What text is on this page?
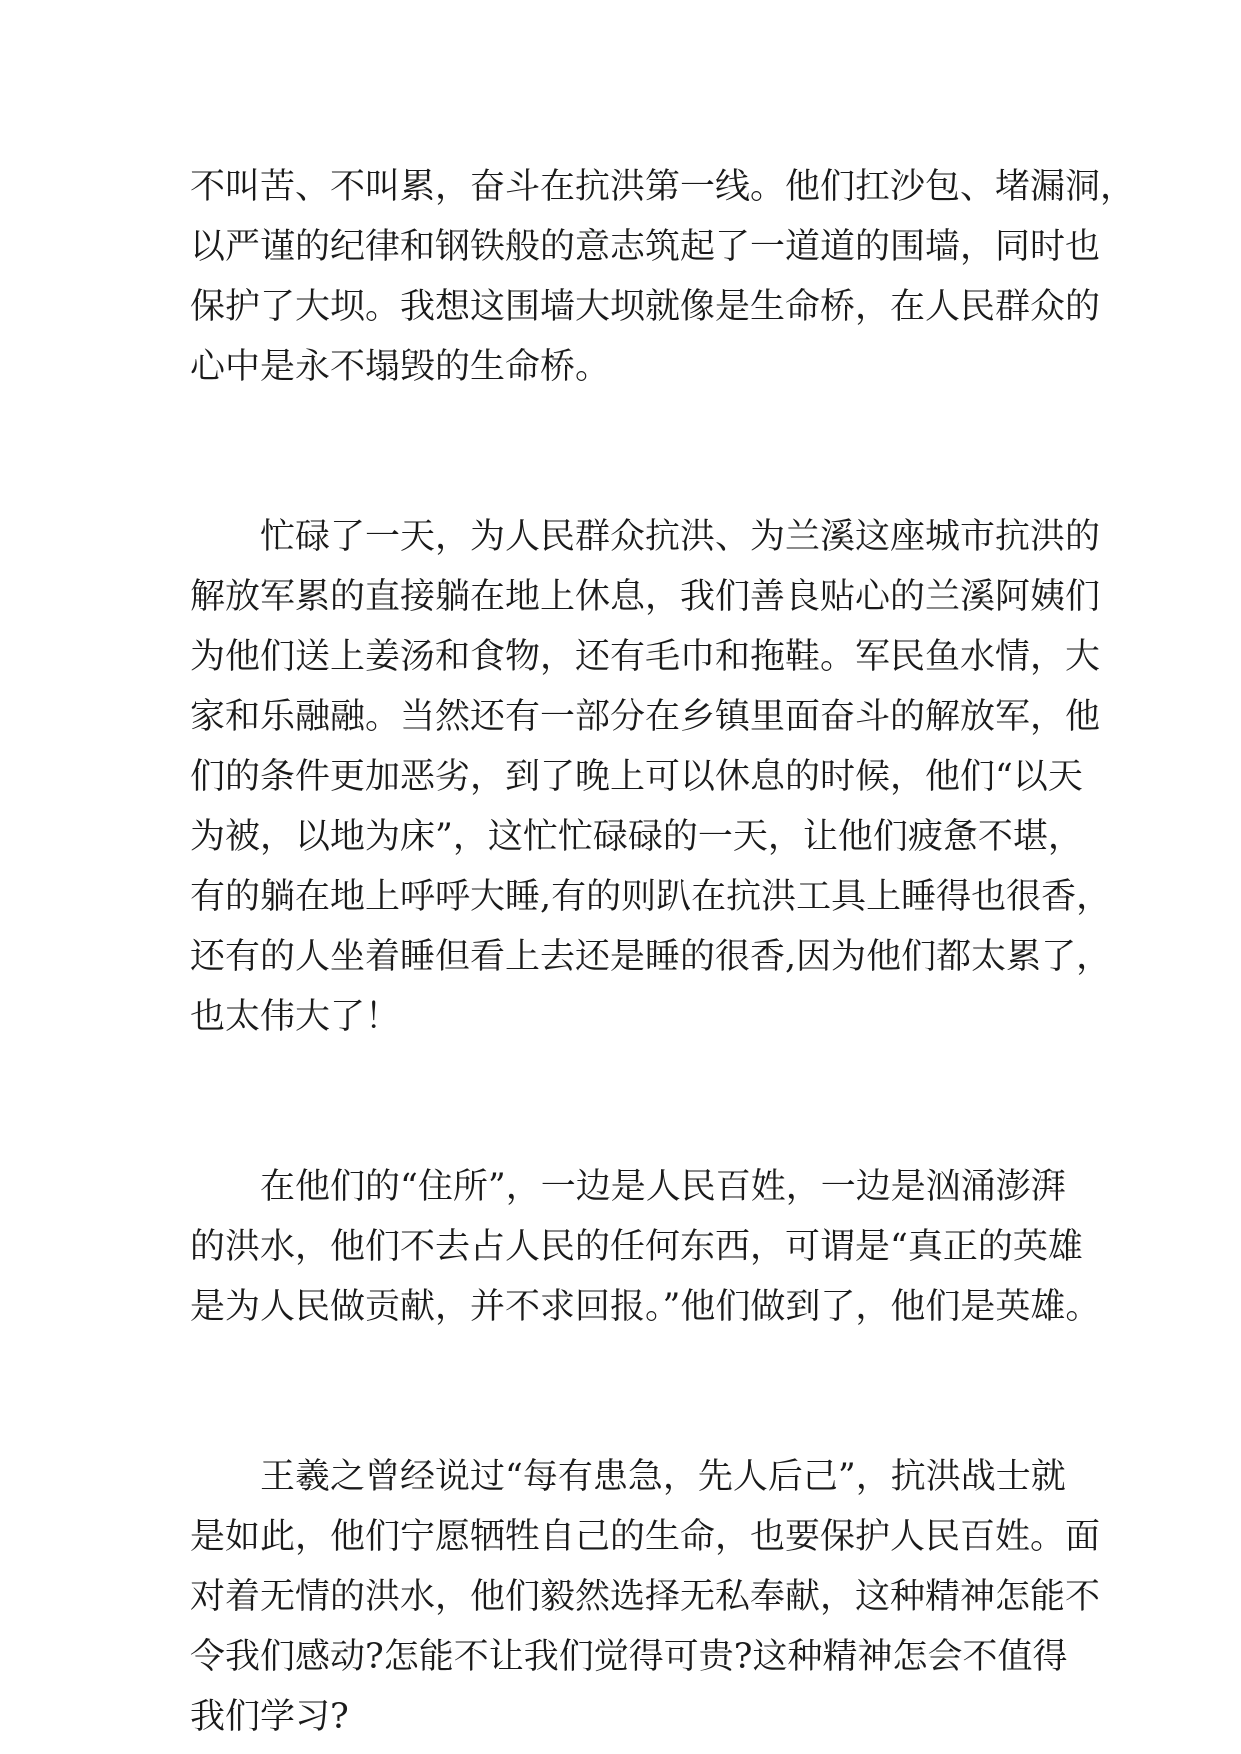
不叫苦、不叫累，奋斗在抗洪第一线。他们扛沙包、堵漏洞，
以严谨的纪律和钢铁般的意志筑起了一道道的围墙，同时也
保护了大坝。我想这围墙大坝就像是生命桥，在人民群众的
心中是永不塌毁的生命桥。
忙碌了一天，为人民群众抗洪、为兰溪这座城市抗洪的
解放军累的直接躺在地上休息，我们善良贴心的兰溪阿姨们
为他们送上姜汤和食物，还有毛巾和拖鞋。军民鱼水情，大
家和乐融融。当然还有一部分在乡镇里面奋斗的解放军，他
们的条件更加恶劣，到了晚上可以休息的时候，他们“以天
为被，以地为床”，这忙忙碌碌的一天，让他们疲惫不堪，
有的躺在地上呼呼大睡,有的则趴在抗洪工具上睡得也很香，
还有的人坐着睡但看上去还是睡的很香,因为他们都太累了，
也太伟大了！
在他们的“住所”，一边是人民百姓，一边是汹涌澎湃
的洪水，他们不去占人民的任何东西，可谓是“真正的英雄
是为人民做贡献，并不求回报。”他们做到了，他们是英雄。
王羲之曾经说过“每有患急，先人后己”，抗洪战士就
是如此，他们宁愿牺牲自己的生命，也要保护人民百姓。面
对着无情的洪水，他们毅然选择无私奉献，这种精神怎能不
令我们感动?怎能不让我们觉得可贵?这种精神怎会不值得
我们学习?
